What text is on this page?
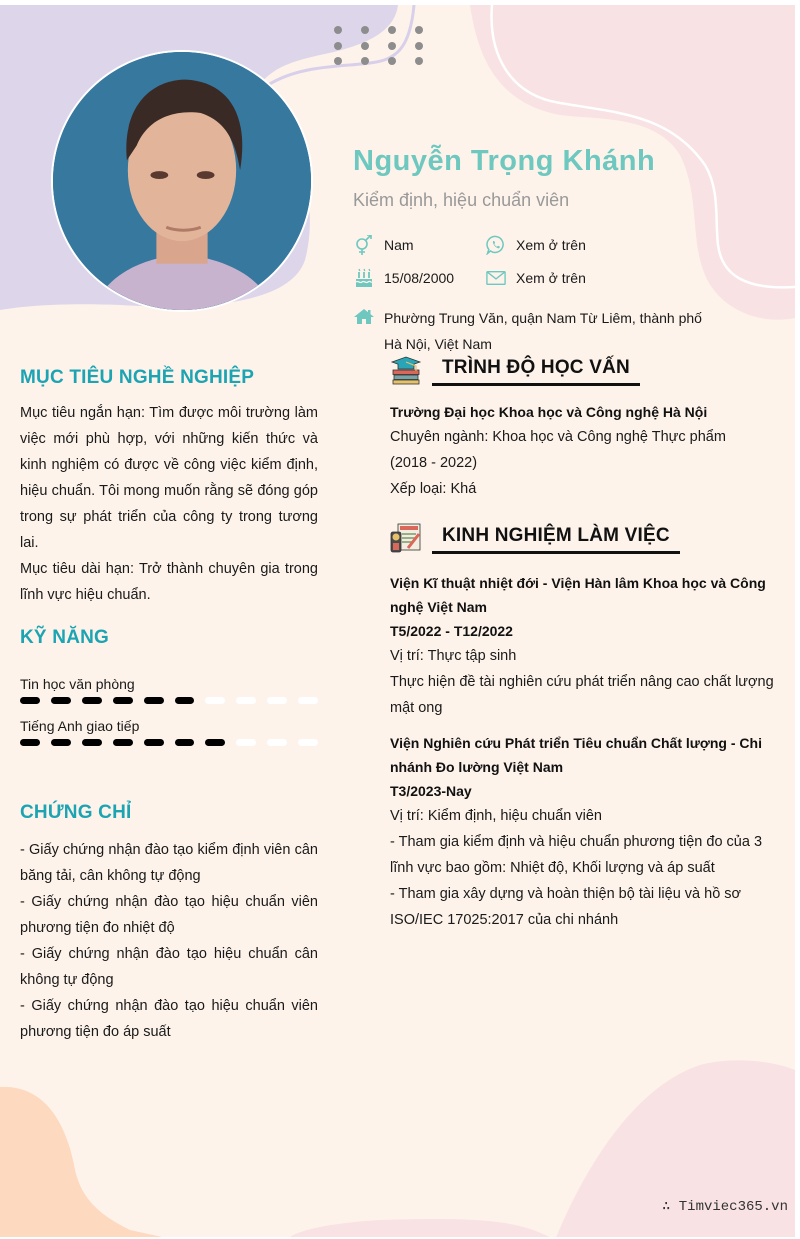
Nguyễn Trọng Khánh
Kiểm định, hiệu chuẩn viên
Nam	Xem ở trên
15/08/2000	Xem ở trên
Phường Trung Văn, quận Nam Từ Liêm, thành phố Hà Nội, Việt Nam
MỤC TIÊU NGHỀ NGHIỆP
Mục tiêu ngắn hạn: Tìm được môi trường làm việc mới phù hợp, với những kiến thức và kinh nghiệm có được về công việc kiểm định, hiệu chuẩn. Tôi mong muốn rằng sẽ đóng góp trong sự phát triển của công ty trong tương lai.
Mục tiêu dài hạn: Trở thành chuyên gia trong lĩnh vực hiệu chuẩn.
KỸ NĂNG
Tin học văn phòng
Tiếng Anh giao tiếp
CHỨNG CHỈ
- Giấy chứng nhận đào tạo kiểm định viên cân băng tải, cân không tự động
- Giấy chứng nhận đào tạo hiệu chuẩn viên phương tiện đo nhiệt độ
- Giấy chứng nhận đào tạo hiệu chuẩn cân không tự động
- Giấy chứng nhận đào tạo hiệu chuẩn viên phương tiện đo áp suất
TRÌNH ĐỘ HỌC VẤN
Trường Đại học Khoa học và Công nghệ Hà Nội
Chuyên ngành: Khoa học và Công nghệ Thực phẩm
(2018 - 2022)
Xếp loại: Khá
KINH NGHIỆM LÀM VIỆC
Viện Kĩ thuật nhiệt đới - Viện Hàn lâm Khoa học và Công nghệ Việt Nam
T5/2022 - T12/2022
Vị trí: Thực tập sinh
Thực hiện đề tài nghiên cứu phát triển nâng cao chất lượng mật ong
Viện Nghiên cứu Phát triển Tiêu chuẩn Chất lượng - Chi nhánh Đo lường Việt Nam
T3/2023-Nay
Vị trí: Kiểm định, hiệu chuẩn viên
- Tham gia kiểm định và hiệu chuẩn phương tiện đo của 3 lĩnh vực bao gồm: Nhiệt độ, Khối lượng và áp suất
- Tham gia xây dựng và hoàn thiện bộ tài liệu và hồ sơ ISO/IEC 17025:2017 của chi nhánh
∴ Timviec365.vn
